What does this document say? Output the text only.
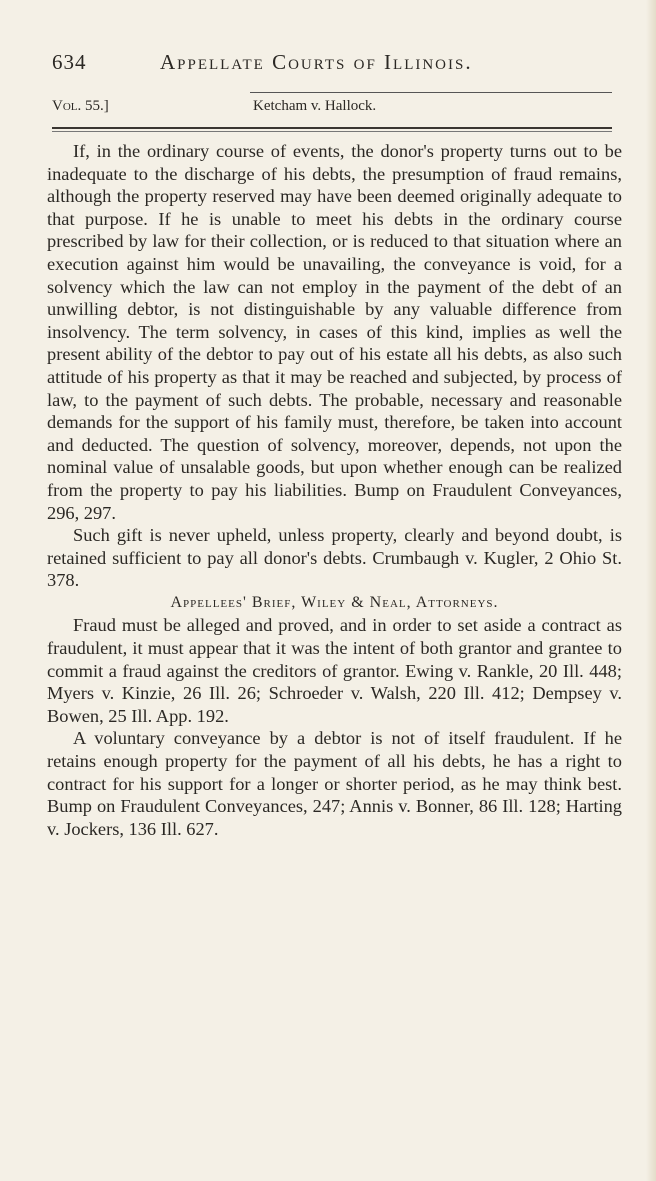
634	Appellate Courts of Illinois.
Vol. 55.]	Ketcham v. Hallock.

If, in the ordinary course of events, the donor's property turns out to be inadequate to the discharge of his debts, the presumption of fraud remains, although the property reserved may have been deemed originally adequate to that purpose. If he is unable to meet his debts in the ordinary course prescribed by law for their collection, or is reduced to that situation where an execution against him would be unavailing, the conveyance is void, for a solvency which the law can not employ in the payment of the debt of an unwilling debtor, is not distinguishable by any valuable difference from insolvency. The term solvency, in cases of this kind, implies as well the present ability of the debtor to pay out of his estate all his debts, as also such attitude of his property as that it may be reached and subjected, by process of law, to the payment of such debts. The probable, necessary and reasonable demands for the support of his family must, therefore, be taken into account and deducted. The question of solvency, moreover, depends, not upon the nominal value of unsalable goods, but upon whether enough can be realized from the property to pay his liabilities. Bump on Fraudulent Conveyances, 296, 297.

Such gift is never upheld, unless property, clearly and beyond doubt, is retained sufficient to pay all donor's debts. Crumbaugh v. Kugler, 2 Ohio St. 378.

Appellees' Brief, Wiley & Neal, Attorneys.

Fraud must be alleged and proved, and in order to set aside a contract as fraudulent, it must appear that it was the intent of both grantor and grantee to commit a fraud against the creditors of grantor. Ewing v. Rankle, 20 Ill. 448; Myers v. Kinzie, 26 Ill. 26; Schroeder v. Walsh, 220 Ill. 412; Dempsey v. Bowen, 25 Ill. App. 192.

A voluntary conveyance by a debtor is not of itself fraudulent. If he retains enough property for the payment of all his debts, he has a right to contract for his support for a longer or shorter period, as he may think best. Bump on Fraudulent Conveyances, 247; Annis v. Bonner, 86 Ill. 128; Harting v. Jockers, 136 Ill. 627.
